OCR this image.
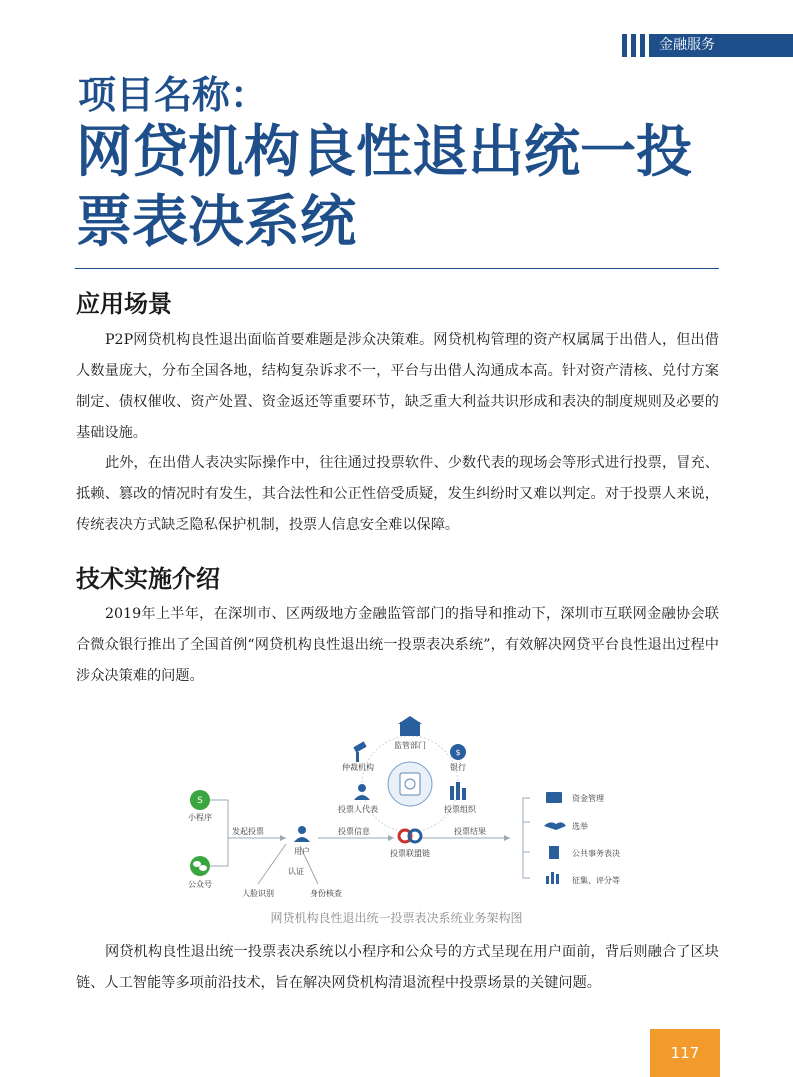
金融服务
项目名称：
网贷机构良性退出统一投票表决系统
应用场景

P2P网贷机构良性退出面临首要难题是涉众决策难。网贷机构管理的资产权属属于出借人，但出借人数量庞大，分布全国各地，结构复杂诉求不一，平台与出借人沟通成本高。针对资产清核、兑付方案制定、债权催收、资产处置、资金返还等重要环节，缺乏重大利益共识形成和表决的制度规则及必要的基础设施。

此外，在出借人表决实际操作中，往往通过投票软件、少数代表的现场会等形式进行投票，冒充、抵赖、篡改的情况时有发生，其合法性和公正性倍受质疑，发生纠纷时又难以判定。对于投票人来说，传统表决方式缺乏隐私保护机制，投票人信息安全难以保障。

技术实施介绍

2019年上半年，在深圳市、区两级地方金融监管部门的指导和推动下，深圳市互联网金融协会联合微众银行推出了全国首例“网贷机构良性退出统一投票表决系统”，有效解决网贷平台良性退出过程中涉众决策难的问题。

S
小程序
公众号
发起投票
用户
认证
人脸识别	身份核查
投票信息
监管部门
仲裁机构
$
银行
投票人代表	投票组织
投票联盟链
投票结果
资金管理
选举
公共事务表决
征集、评分等
网贷机构良性退出统一投票表决系统业务架构图

网贷机构良性退出统一投票表决系统以小程序和公众号的方式呈现在用户面前，背后则融合了区块链、人工智能等多项前沿技术，旨在解决网贷机构清退流程中投票场景的关键问题。

117
